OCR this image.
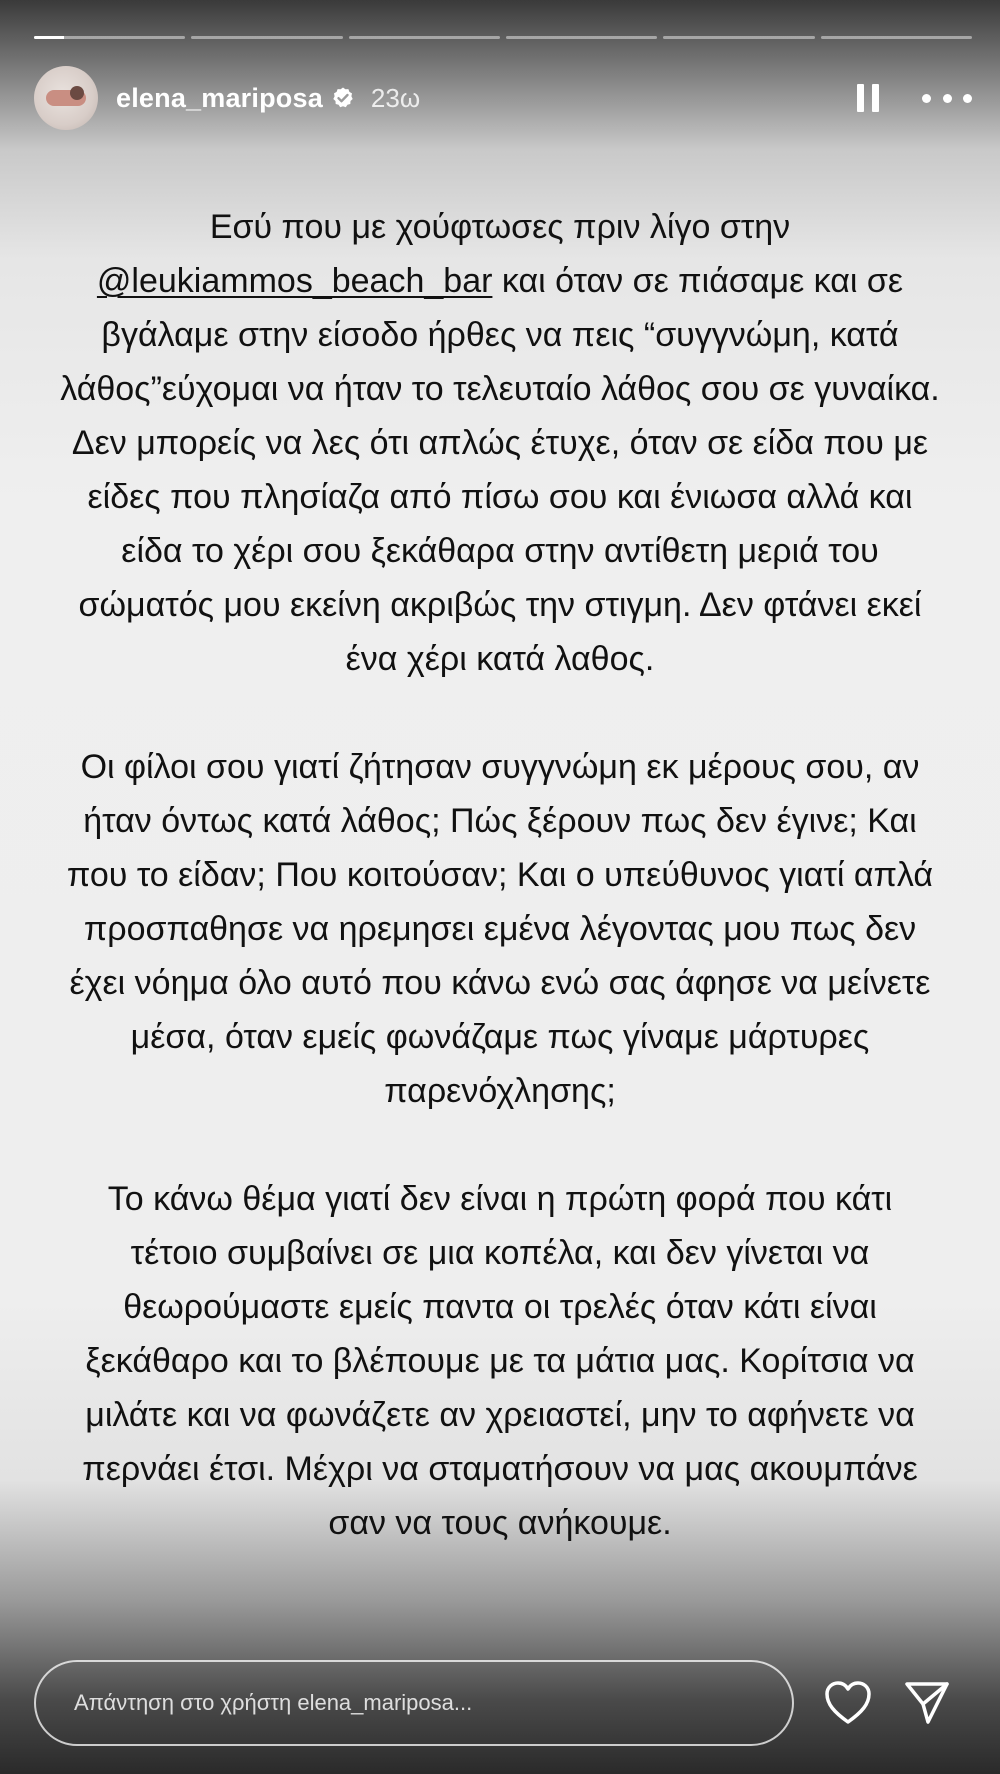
elena_mariposa 23ω

Εσύ που με χούφτωσες πριν λίγο στην
@leukiammos_beach_bar και όταν σε πιάσαμε και σε βγάλαμε στην είσοδο ήρθες να πεις “συγγνώμη, κατά λάθος”εύχομαι να ήταν το τελευταίο λάθος σου σε γυναίκα. Δεν μπορείς να λες ότι απλώς έτυχε, όταν σε είδα που με είδες που πλησίαζα από πίσω σου και ένιωσα αλλά και είδα το χέρι σου ξεκάθαρα στην αντίθετη μεριά του σώματός μου εκείνη ακριβώς την στιγμη. Δεν φτάνει εκεί ένα χέρι κατά λαθος.

Οι φίλοι σου γιατί ζήτησαν συγγνώμη εκ μέρους σου, αν ήταν όντως κατά λάθος; Πώς ξέρουν πως δεν έγινε; Και που το είδαν; Που κοιτούσαν; Και ο υπεύθυνος γιατί απλά προσπαθησε να ηρεμησει εμένα λέγοντας μου πως δεν έχει νόημα όλο αυτό που κάνω ενώ σας άφησε να μείνετε μέσα, όταν εμείς φωνάζαμε πως γίναμε μάρτυρες παρενόχλησης;

Το κάνω θέμα γιατί δεν είναι η πρώτη φορά που κάτι τέτοιο συμβαίνει σε μια κοπέλα, και δεν γίνεται να θεωρούμαστε εμείς παντα οι τρελές όταν κάτι είναι ξεκάθαρο και το βλέπουμε με τα μάτια μας. Κορίτσια να μιλάτε και να φωνάζετε αν χρειαστεί, μην το αφήνετε να περνάει έτσι. Μέχρι να σταματήσουν να μας ακουμπάνε σαν να τους ανήκουμε.

Απάντηση στο χρήστη elena_mariposa...
